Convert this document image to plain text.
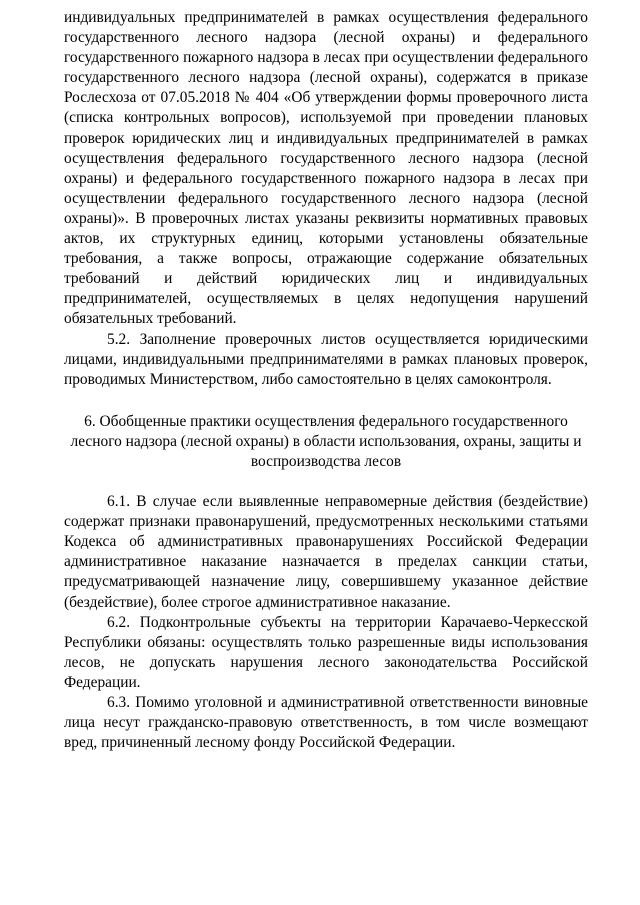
индивидуальных предпринимателей в рамках осуществления федерального государственного лесного надзора (лесной охраны) и федерального государственного пожарного надзора в лесах при осуществлении федерального государственного лесного надзора (лесной охраны), содержатся в приказе Рослесхоза от 07.05.2018 № 404 «Об утверждении формы проверочного листа (списка контрольных вопросов), используемой при проведении плановых проверок юридических лиц и индивидуальных предпринимателей в рамках осуществления федерального государственного лесного надзора (лесной охраны) и федерального государственного пожарного надзора в лесах при осуществлении федерального государственного лесного надзора (лесной охраны)». В проверочных листах указаны реквизиты нормативных правовых актов, их структурных единиц, которыми установлены обязательные требования, а также вопросы, отражающие содержание обязательных требований и действий юридических лиц и индивидуальных предпринимателей, осуществляемых в целях недопущения нарушений обязательных требований.

5.2. Заполнение проверочных листов осуществляется юридическими лицами, индивидуальными предпринимателями в рамках плановых проверок, проводимых Министерством, либо самостоятельно в целях самоконтроля.

6. Обобщенные практики осуществления федерального государственного лесного надзора (лесной охраны) в области использования, охраны, защиты и воспроизводства лесов

6.1. В случае если выявленные неправомерные действия (бездействие) содержат признаки правонарушений, предусмотренных несколькими статьями Кодекса об административных правонарушениях Российской Федерации административное наказание назначается в пределах санкции статьи, предусматривающей назначение лицу, совершившему указанное действие (бездействие), более строгое административное наказание.

6.2. Подконтрольные субъекты на территории Карачаево-Черкесской Республики обязаны: осуществлять только разрешенные виды использования лесов, не допускать нарушения лесного законодательства Российской Федерации.

6.3. Помимо уголовной и административной ответственности виновные лица несут гражданско-правовую ответственность, в том числе возмещают вред, причиненный лесному фонду Российской Федерации.
